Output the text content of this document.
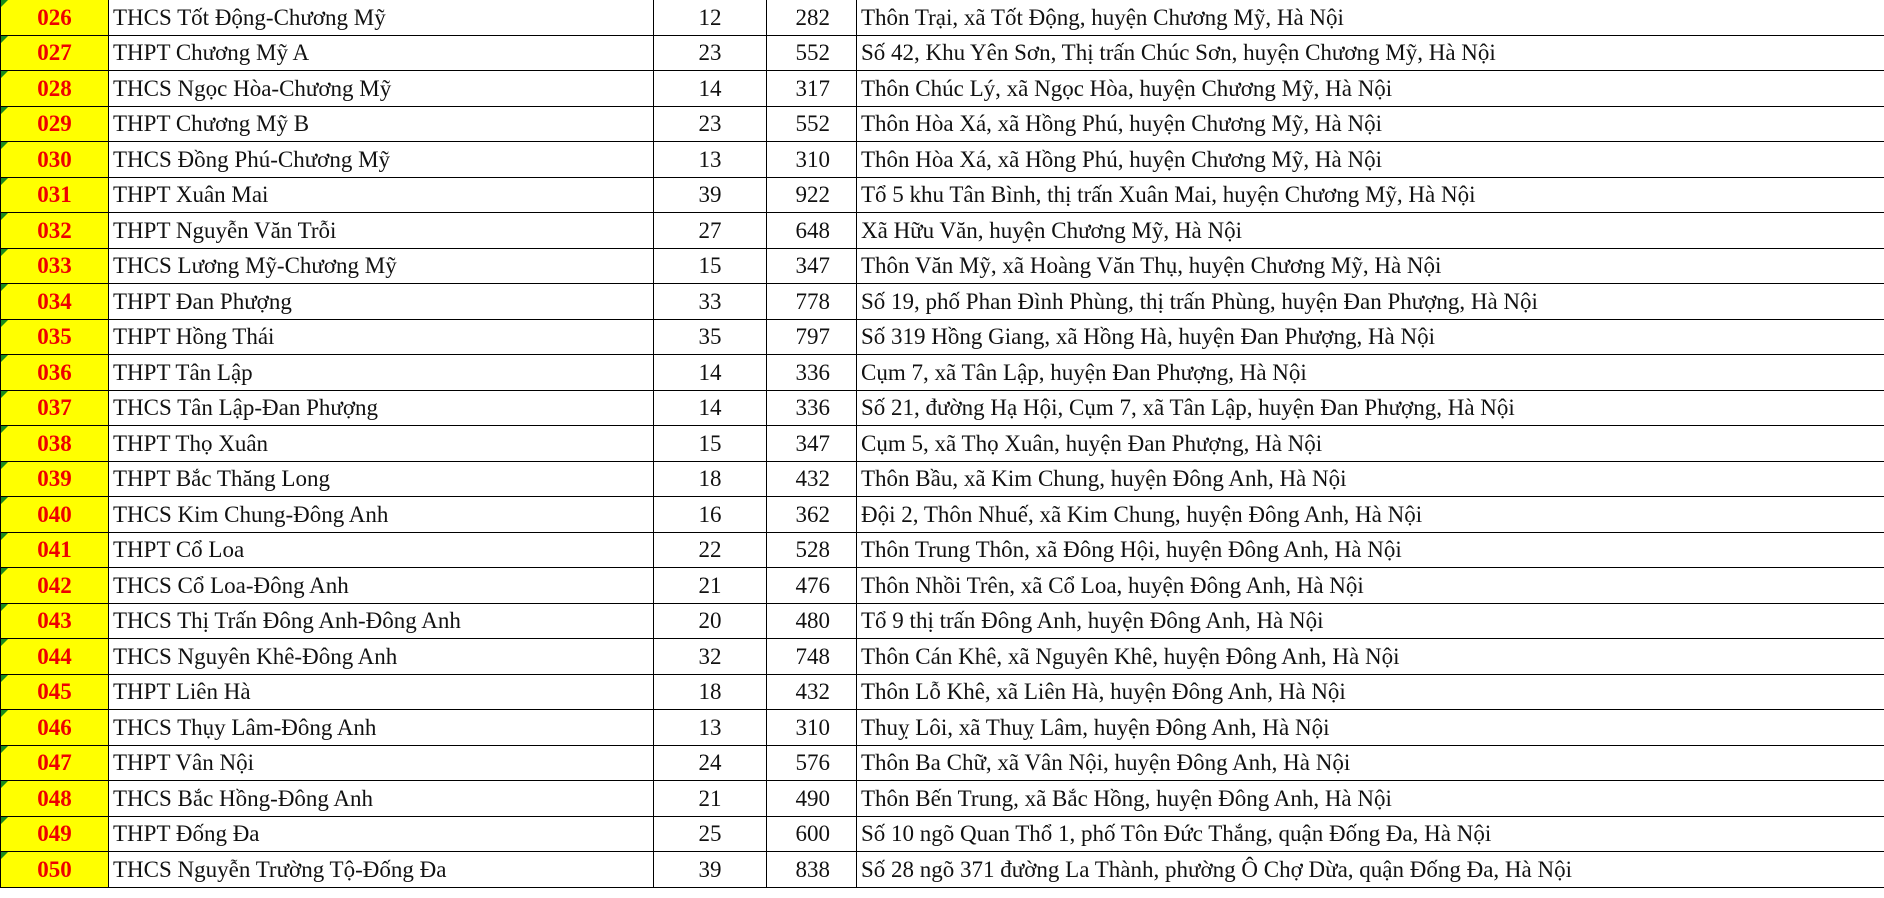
026	THCS Tốt Động-Chương Mỹ	12	282	Thôn Trại, xã Tốt Động, huyện Chương Mỹ, Hà Nội
027	THPT Chương Mỹ A	23	552	Số 42, Khu Yên Sơn, Thị trấn Chúc Sơn, huyện Chương Mỹ, Hà Nội
028	THCS Ngọc Hòa-Chương Mỹ	14	317	Thôn Chúc Lý, xã Ngọc Hòa, huyện Chương Mỹ, Hà Nội
029	THPT Chương Mỹ B	23	552	Thôn Hòa Xá, xã Hồng Phú, huyện Chương Mỹ, Hà Nội
030	THCS Đồng Phú-Chương Mỹ	13	310	Thôn Hòa Xá, xã Hồng Phú, huyện Chương Mỹ, Hà Nội
031	THPT Xuân Mai	39	922	Tổ 5 khu Tân Bình, thị trấn Xuân Mai, huyện Chương Mỹ, Hà Nội
032	THPT Nguyễn Văn Trỗi	27	648	Xã Hữu Văn, huyện Chương Mỹ, Hà Nội
033	THCS Lương Mỹ-Chương Mỹ	15	347	Thôn Văn Mỹ, xã Hoàng Văn Thụ, huyện Chương Mỹ, Hà Nội
034	THPT Đan Phượng	33	778	Số 19, phố Phan Đình Phùng, thị trấn Phùng, huyện Đan Phượng, Hà Nội
035	THPT Hồng Thái	35	797	Số 319 Hồng Giang, xã Hồng Hà, huyện Đan Phượng, Hà Nội
036	THPT Tân Lập	14	336	Cụm 7, xã Tân Lập, huyện Đan Phượng, Hà Nội
037	THCS Tân Lập-Đan Phượng	14	336	Số 21, đường Hạ Hội, Cụm 7, xã Tân Lập, huyện Đan Phượng, Hà Nội
038	THPT Thọ Xuân	15	347	Cụm 5, xã Thọ Xuân, huyện Đan Phượng, Hà Nội
039	THPT Bắc Thăng Long	18	432	Thôn Bầu, xã Kim Chung, huyện Đông Anh, Hà Nội
040	THCS Kim Chung-Đông Anh	16	362	Đội 2, Thôn Nhuế, xã Kim Chung, huyện Đông Anh, Hà Nội
041	THPT Cổ Loa	22	528	Thôn Trung Thôn, xã Đông Hội, huyện Đông Anh, Hà Nội
042	THCS Cổ Loa-Đông Anh	21	476	Thôn Nhồi Trên, xã Cổ Loa, huyện Đông Anh, Hà Nội
043	THCS Thị Trấn Đông Anh-Đông Anh	20	480	Tổ 9 thị trấn Đông Anh, huyện Đông Anh, Hà Nội
044	THCS Nguyên Khê-Đông Anh	32	748	Thôn Cán Khê, xã Nguyên Khê, huyện Đông Anh, Hà Nội
045	THPT Liên Hà	18	432	Thôn Lỗ Khê, xã Liên Hà, huyện Đông Anh, Hà Nội
046	THCS Thụy Lâm-Đông Anh	13	310	Thuỵ Lôi, xã Thuỵ Lâm, huyện Đông Anh, Hà Nội
047	THPT Vân Nội	24	576	Thôn Ba Chữ, xã Vân Nội, huyện Đông Anh, Hà Nội
048	THCS Bắc Hồng-Đông Anh	21	490	Thôn Bến Trung, xã Bắc Hồng, huyện Đông Anh, Hà Nội
049	THPT Đống Đa	25	600	Số 10 ngõ Quan Thổ 1, phố Tôn Đức Thắng, quận Đống Đa, Hà Nội
050	THCS Nguyễn Trường Tộ-Đống Đa	39	838	Số 28 ngõ 371 đường La Thành, phường Ô Chợ Dừa, quận Đống Đa, Hà Nội
